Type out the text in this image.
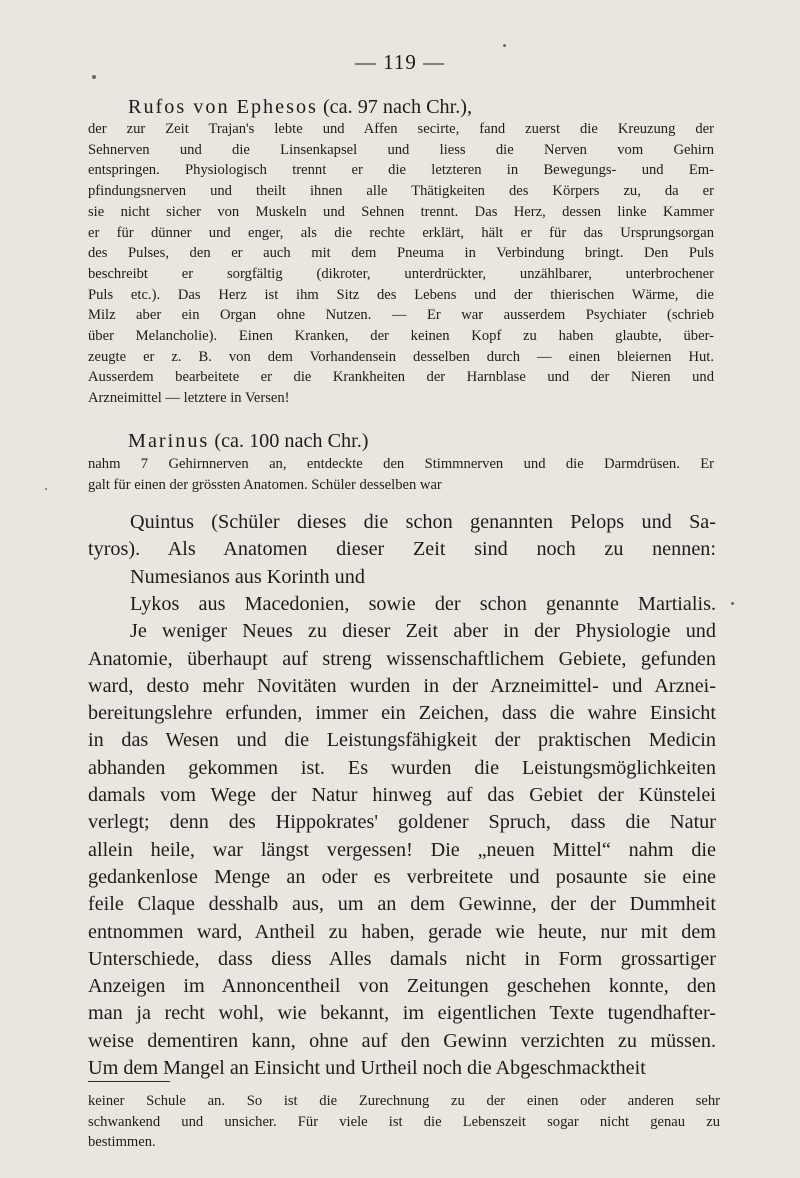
— 119 —
Rufos von Ephesos (ca. 97 nach Chr.),
der zur Zeit Trajan's lebte und Affen secirte, fand zuerst die Kreuzung der
Sehnerven und die Linsenkapsel und liess die Nerven vom Gehirn
entspringen. Physiologisch trennt er die letzteren in Bewegungs- und Em-
pfindungsnerven und theilt ihnen alle Thätigkeiten des Körpers zu, da er
sie nicht sicher von Muskeln und Sehnen trennt. Das Herz, dessen linke Kammer
er für dünner und enger, als die rechte erklärt, hält er für das Ursprungsorgan
des Pulses, den er auch mit dem Pneuma in Verbindung bringt. Den Puls
beschreibt er sorgfältig (dikroter, unterdrückter, unzählbarer, unterbrochener
Puls etc.). Das Herz ist ihm Sitz des Lebens und der thierischen Wärme, die
Milz aber ein Organ ohne Nutzen. — Er war ausserdem Psychiater (schrieb
über Melancholie). Einen Kranken, der keinen Kopf zu haben glaubte, über-
zeugte er z. B. von dem Vorhandensein desselben durch — einen bleiernen Hut.
Ausserdem bearbeitete er die Krankheiten der Harnblase und der Nieren und
Arzneimittel — letztere in Versen!
Marinus (ca. 100 nach Chr.)
nahm 7 Gehirnnerven an, entdeckte den Stimmnerven und die Darmdrüsen. Er
galt für einen der grössten Anatomen. Schüler desselben war
Quintus (Schüler dieses die schon genannten Pelops und Sa-
tyros). Als Anatomen dieser Zeit sind noch zu nennen:
Numesianos aus Korinth und
Lykos aus Macedonien, sowie der schon genannte Martialis.
Je weniger Neues zu dieser Zeit aber in der Physiologie und
Anatomie, überhaupt auf streng wissenschaftlichem Gebiete, gefunden
ward, desto mehr Novitäten wurden in der Arzneimittel- und Arznei-
bereitungslehre erfunden, immer ein Zeichen, dass die wahre Einsicht
in das Wesen und die Leistungsfähigkeit der praktischen Medicin
abhanden gekommen ist. Es wurden die Leistungsmöglichkeiten
damals vom Wege der Natur hinweg auf das Gebiet der Künstelei
verlegt; denn des Hippokrates' goldener Spruch, dass die Natur
allein heile, war längst vergessen! Die „neuen Mittel“ nahm die
gedankenlose Menge an oder es verbreitete und posaunte sie eine
feile Claque desshalb aus, um an dem Gewinne, der der Dummheit
entnommen ward, Antheil zu haben, gerade wie heute, nur mit dem
Unterschiede, dass diess Alles damals nicht in Form grossartiger
Anzeigen im Annoncentheil von Zeitungen geschehen konnte, den
man ja recht wohl, wie bekannt, im eigentlichen Texte tugendhafter-
weise dementiren kann, ohne auf den Gewinn verzichten zu müssen.
Um dem Mangel an Einsicht und Urtheil noch die Abgeschmacktheit
keiner Schule an. So ist die Zurechnung zu der einen oder anderen sehr
schwankend und unsicher. Für viele ist die Lebenszeit sogar nicht genau zu
bestimmen.
